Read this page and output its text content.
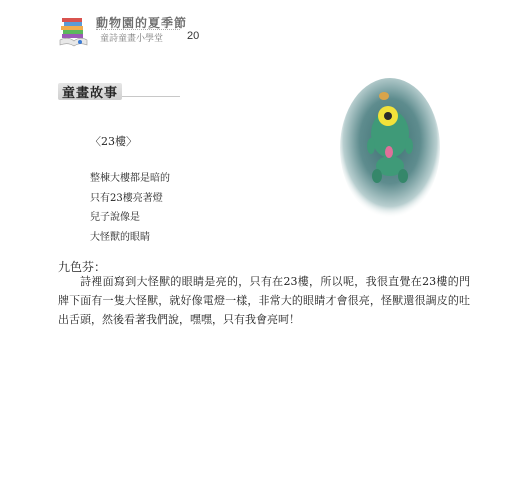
動物園的夏季節
童詩童畫小學堂 20
童畫故事
〈23樓〉
整棟大樓都是暗的
只有23樓亮著燈
兒子說像是
大怪獸的眼睛
九色芬：
詩裡面寫到大怪獸的眼睛是亮的，只有在23樓，所以呢，我很直覺在23樓的門牌下面有一隻大怪獸，就好像電燈一樣，非常大的眼睛才會很亮，怪獸還很調皮的吐出舌頭，然後看著我們說，嘿嘿，只有我會亮呵！
